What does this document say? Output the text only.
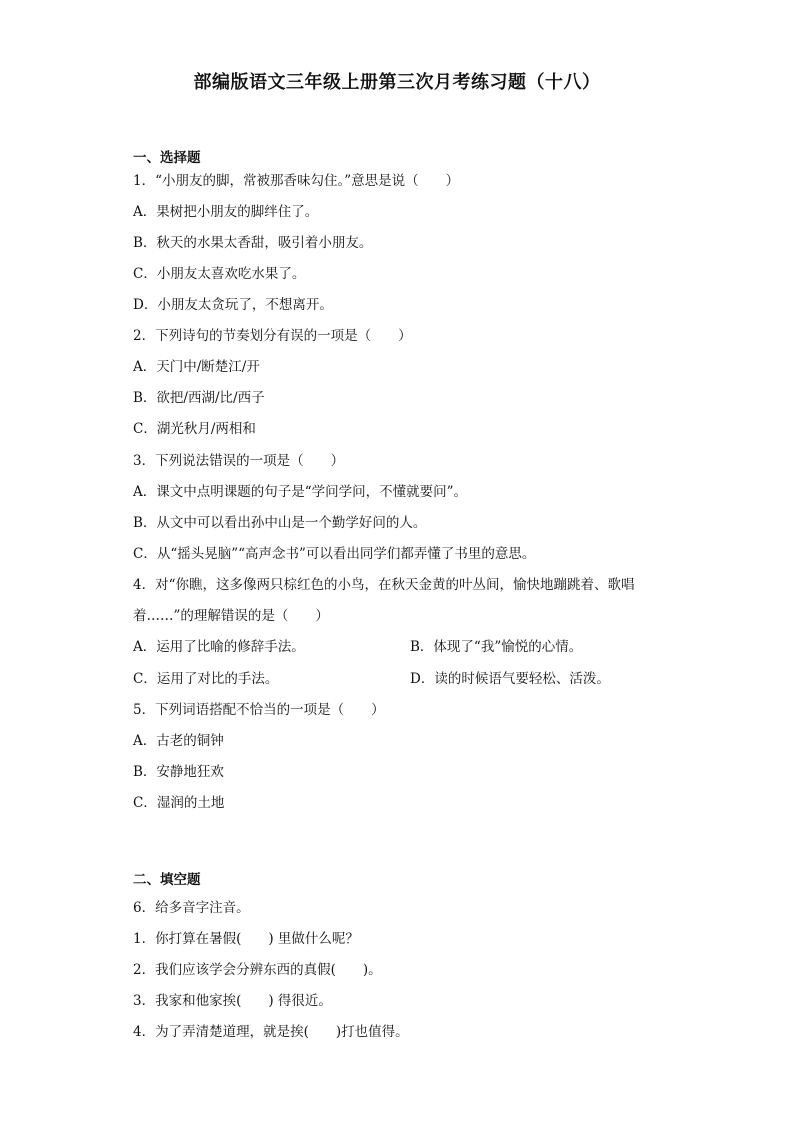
部编版语文三年级上册第三次月考练习题（十八）
一、选择题
1．“小朋友的脚，常被那香味勾住。”意思是说（　　）
A．果树把小朋友的脚绊住了。
B．秋天的水果太香甜，吸引着小朋友。
C．小朋友太喜欢吃水果了。
D．小朋友太贪玩了，不想离开。
2．下列诗句的节奏划分有误的一项是（　　）
A．天门中/断楚江/开
B．欲把/西湖/比/西子
C．湖光秋月/两相和
3．下列说法错误的一项是（　　）
A．课文中点明课题的句子是“学问学问，不懂就要问”。
B．从文中可以看出孙中山是一个勤学好问的人。
C．从“摇头晃脑”“高声念书”可以看出同学们都弄懂了书里的意思。
4．对“你瞧，这多像两只棕红色的小鸟，在秋天金黄的叶丛间，愉快地蹦跳着、歌唱
着……”的理解错误的是（　　）
A．运用了比喻的修辞手法。	B．体现了“我”愉悦的心情。
C．运用了对比的手法。	D．读的时候语气要轻松、活泼。
5．下列词语搭配不恰当的一项是（　　）
A．古老的铜钟
B．安静地狂欢
C．湿润的土地
二、填空题
6．给多音字注音。
1．你打算在暑假(　　) 里做什么呢？
2．我们应该学会分辨东西的真假(　　)。
3．我家和他家挨(　　) 得很近。
4．为了弄清楚道理，就是挨(　　)打也值得。
